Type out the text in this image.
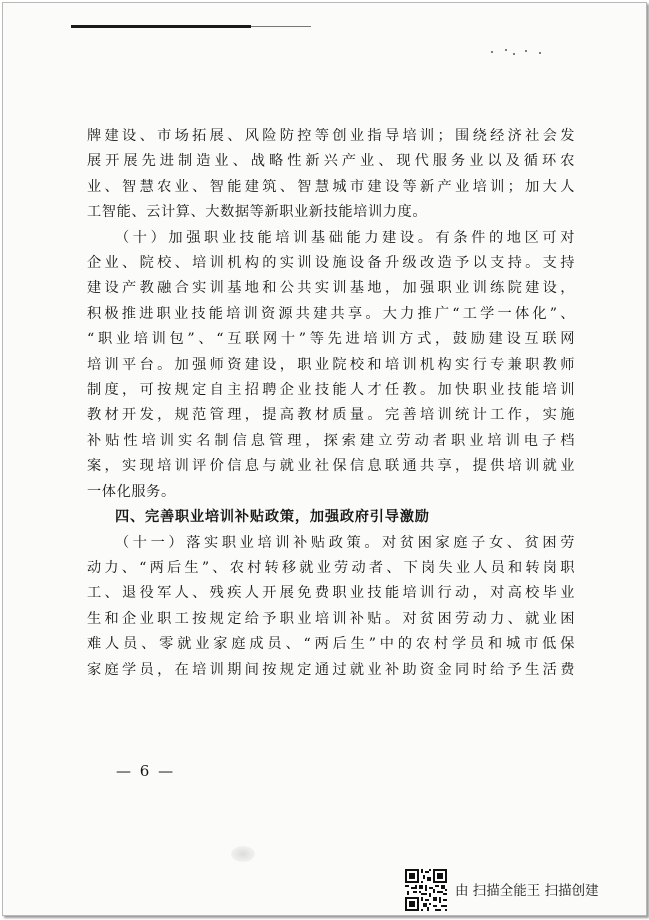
牌建设、市场拓展、风险防控等创业指导培训；围绕经济社会发
展开展先进制造业、战略性新兴产业、现代服务业以及循环农
业、智慧农业、智能建筑、智慧城市建设等新产业培训；加大人
工智能、云计算、大数据等新职业新技能培训力度。

（十）加强职业技能培训基础能力建设。有条件的地区可对
企业、院校、培训机构的实训设施设备升级改造予以支持。支持
建设产教融合实训基地和公共实训基地，加强职业训练院建设，
积极推进职业技能培训资源共建共享。大力推广“工学一体化”、
“职业培训包”、“互联网十”等先进培训方式，鼓励建设互联网
培训平台。加强师资建设，职业院校和培训机构实行专兼职教师
制度，可按规定自主招聘企业技能人才任教。加快职业技能培训
教材开发，规范管理，提高教材质量。完善培训统计工作，实施
补贴性培训实名制信息管理，探索建立劳动者职业培训电子档
案，实现培训评价信息与就业社保信息联通共享，提供培训就业
一体化服务。

四、完善职业培训补贴政策，加强政府引导激励

（十一）落实职业培训补贴政策。对贫困家庭子女、贫困劳
动力、“两后生”、农村转移就业劳动者、下岗失业人员和转岗职
工、退役军人、残疾人开展免费职业技能培训行动，对高校毕业
生和企业职工按规定给予职业培训补贴。对贫困劳动力、就业困
难人员、零就业家庭成员、“两后生”中的农村学员和城市低保
家庭学员，在培训期间按规定通过就业补助资金同时给予生活费

— 6 —
由 扫描全能王 扫描创建
